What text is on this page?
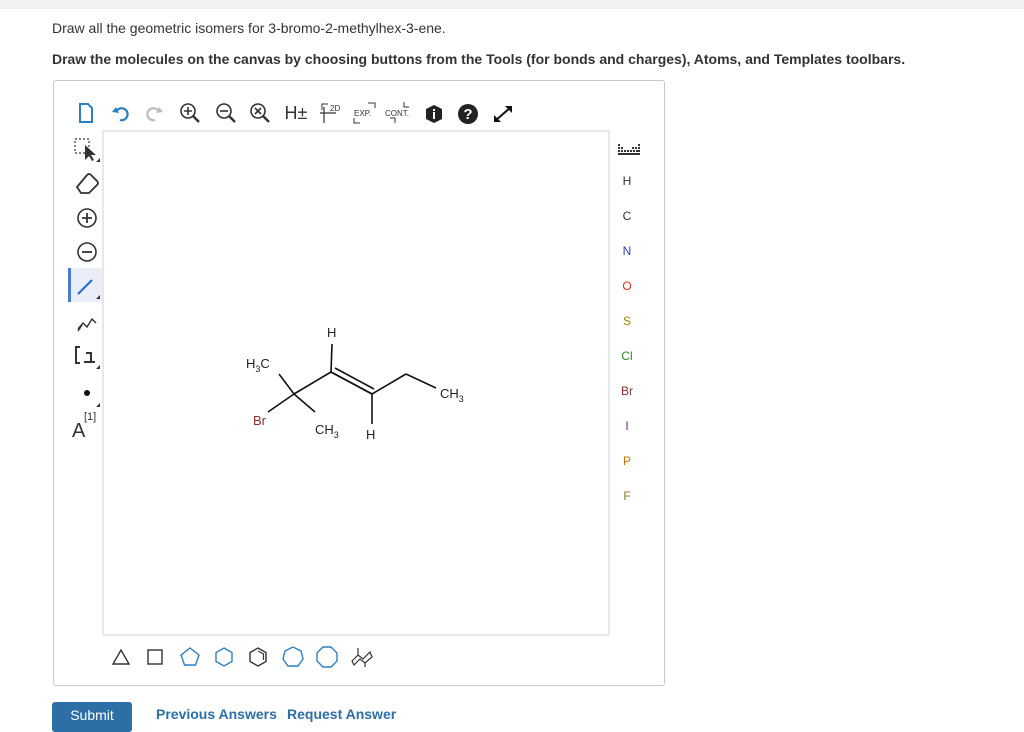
Draw all the geometric isomers for 3-bromo-2-methylhex-3-ene.
Draw the molecules on the canvas by choosing buttons from the Tools (for bonds and charges), Atoms, and Templates toolbars.
H±	2D
EXP. CONT.	?
[1]
A
H
$H_3C$
$CH_3$
Br
$CH_3$ H
H
C
N
O
S
Cl
Br
I
P
F
Submit	Previous Answers Request Answer
